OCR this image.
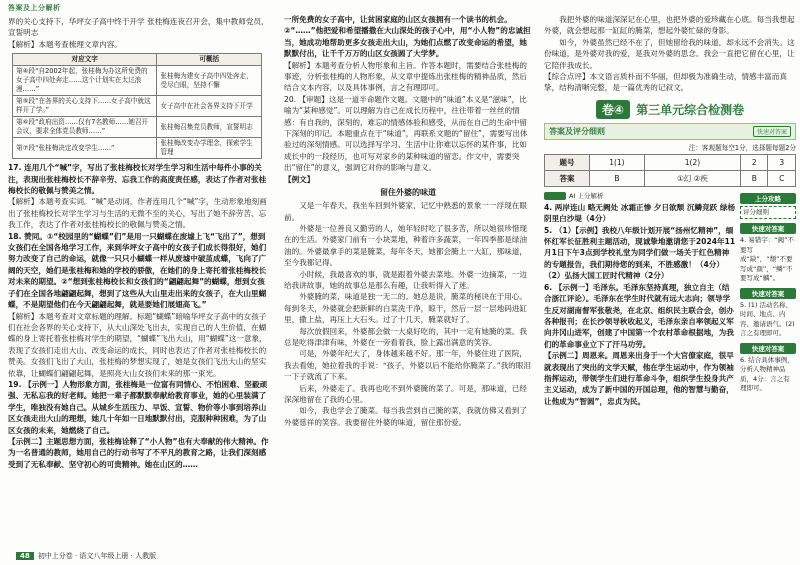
答案及上分解析

界的关心支持下，华坪女子高中终于开学 张桂梅连夜召开会，集中教师党员，宣誓明志

【解析】本题考查梳理文章内容。

对应文字	可概括
第④段“自2002年起，张桂梅为办这所免费的女子高中四处奔走……这个计划实在太过浪漫……”	张桂梅为建女子高中四处奔走，受尽白眼，坚持不懈
第⑤段“在各界的关心支持下……女子高中就这样开了学。”	女子高中在社会各界支持下开学
第⑥段“政府出资……仅有7名教师……她召开会议，要求全体党员教师……”	张桂梅召集党员教师，宣誓明志
第⑦段“张桂梅决定改变学生……”	张桂梅改变办学理念，探索学生管理

17. 连用几个“喊”字，写出了张桂梅校长对学生学习和生活中每件小事的关注，表现出张桂梅校长不辞辛劳、忘我工作的高度责任感，表达了作者对张桂梅校长的敬佩与赞美之情。

【解析】本题考查实词。“喊”是动词，作者连用几个“喊”字，生动形象地刻画出了张桂梅校长对学生学习与生活的无微不至的关心，写出了她不辞劳苦、忘我工作，表达了作者对张桂梅校长的敬佩与赞美之情。

18. 赞同。①“校园里的“蝴蝶”们”是用一只蝴蝶在废墟上飞“飞出了”，想到女孩们在全国各地学习工作，来到华坪女子高中的女孩子们成长得很好，她们努力改变了自己的命运，就像一只只小蝴蝶一样从废墟中破茧成蝶，飞向了广阔的天空，她们是张桂梅和她的学校的骄傲，在她们的身上寄托着张桂梅校长对未来的期望。②“想到张桂梅校长和女孩们的“翩翩起舞”的蝴蝶，想到女孩子们在全国各地翩翩起舞，想到了这些从大山里走出来的女孩子，在大山里蝴蝶，不是期望他们在今天翩翩起舞，就是要她们展翅高飞。”

【解析】本题考查对文章标题的理解。标题“蝴蝶”暗喻华坪女子高中的女孩子们在社会各界的关心支持下，从大山深处飞出去，实现自己的人生价值，在蝴蝶的身上寄托着张桂梅对学生的期望，“蝴蝶”飞出大山，用“蝴蝶”这一意象，表现了女孩们走出大山、改变命运的成长，同时也表达了作者对张桂梅校长的赞美。女孩们飞出了大山，张桂梅的梦想实现了，她是女孩们飞出大山的坚实依靠，让蝴蝶们翩翩起舞，是照亮大山女孩们未来的那一束光。

19. 【示例一】人物形象方面，张桂梅是一位富有同情心、不怕困难、坚毅顽强、无私忘我的好老师。她把一辈子都默默奉献给教育事业，她的心里装满了学生，唯独没有她自己。从城乡生活压力、早饭、宣誓、物价等小事到培养山区女孩走出大山的理想，她几十年如一日地默默付出，克服种种困难，为了山区女孩的未来，她燃烧了自己。

【示例二】主题思想方面，张桂梅诠释了“小人物”也有大奉献的伟大精神。作为一名普通的教师，她用自己的行动书写了不平凡的教育之路，让我们深刻感受到了无私奉献、坚守初心的可贵精神。她在山区的……

48	初中上分卷 · 语文八年级上册 · 人教版

一所免费的女子高中，让贫困家庭的山区女孩拥有一个读书的机会。②“……”他把爱和希望播撒在大山深处的孩子心中，用“小人物”的忠诚担当，她成功地帮助更多女孩走出大山，为她们点燃了改变命运的希望，她默默付出，让千千万万的山区女孩圆了大学梦。

【解析】本题考查分析人物形象和主旨。作答本题时，需要结合张桂梅的事迹，分析张桂梅的人物形象，从文章中提炼出张桂梅的精神品质，然后结合文本内容，以及具体事例，言之有理即可。

20. 【审题】这是一道半命题作文题。文题中的“味道”本义是“滋味”，比喻为“某种感觉”。可以理解为自己在成长历程中，往往带着一丝丝的情感：有自我的，深刻的、难忘的情感体验和感受，从而在自己的生命中留下深刻的印记。本题重点在于“味道”，再联系文题的“留住”，需要写出体验过的深刻情感。可以选择写学习、生活中让你难以忘怀的某件事，比如成长中的一段经历，也可写对家乡的某种味道的留恋。作文中，需要突出“留住”的意义，强调它对你的影响与意义。

【例文】

留住外婆的味道

又是一年春天，我坐车回到外婆家，记忆中熟悉的景象一一浮现在眼前。

外婆是一位善良又勤劳的人，她年轻时吃了很多苦，所以她很珍惜现在的生活。外婆家门前有一小块菜地，种着许多蔬菜，一年四季都是绿油油的。外婆最拿手的菜是腌菜，每年冬天，她都会腌上一大缸，那味道，至今我都记得。

小时候，我最喜欢的事，就是跟着外婆去菜地。外婆一边摘菜，一边给我讲故事，她的故事总是那么有趣，让我听得入了迷。

外婆腌的菜，味道是独一无二的。她总是说，腌菜的秘诀在于用心。每到冬天，外婆就会把新鲜的白菜洗干净，晾干，然后一层一层地码进缸里，撒上盐，再压上大石头。过了十几天，腌菜就好了。

每次放假回来，外婆都会做一大桌好吃的，其中一定有她腌的菜。我总是吃得津津有味，外婆在一旁看着我，脸上露出满意的笑容。

可是，外婆年纪大了，身体越来越不好。那一年，外婆住进了医院，我去看她，她拉着我的手说：“孩子，外婆以后不能给你腌菜了。”我的眼泪一下子就流了下来。

后来，外婆走了。我再也吃不到外婆腌的菜了。可是，那味道，已经深深地留在了我的心里。

如今，我也学会了腌菜。每当我尝到自己腌的菜，我就仿佛又看到了外婆慈祥的笑容。我要留住外婆的味道，留住那份爱。

我把外婆的味道深深记在心里，也把外婆的爱珍藏在心底。每当我想起外婆，就会想起那一缸缸的腌菜，想起外婆忙碌的身影。

如今，外婆虽然已经不在了，但她留给我的味道，却永远不会消失。这份味道，是外婆对我的爱，是我对外婆的思念。我会一直把它留在心里，让它陪伴我成长。

【综合点评】本文语言质朴而不华丽，但却极为准确生动，情感丰富而真挚，结构清晰完整，是一篇优秀的记叙文。

卷④	第三单元综合检测卷
答案及评分细则	快速对答案
注：客观题每空1分，选择题每题2分
题号	1(1)	1(2)	2	3
答案	B	①幻 ②疾	B	C
AI 上分解析

4. 两岸连山 略无阙处 冰霜正惨 夕日欲颓 沉鳞竞跃 绿杨阴里白沙堤（4分）

5. （1）【示例】我校八年级计划开展“扬州忆精神”，缅怀红军长征胜利主题活动，现诚挚地邀请您于2024年11月1日下午3点到学校礼堂为同学们做一场关于红色精神的专题报告，我们期待您的到来，不胜感激！（4分）

（2）弘扬大国工匠时代精神（2分）

6. 【示例一】毛泽东。毛泽东坚持真理，独立自主（结合浙江评论）。毛泽东在学生时代就有远大志向；领导学生反对湖南督军张敬尧，在北京、组织民主联合会，创办各种报刊；在长沙领导秋收起义，毛泽东亲自率领起义军向井冈山进军，创建了中国第一个农村革命根据地，为我们的革命事业立下了汗马功劳。

【示例二】周恩来。周恩来出身于一个大官僚家庭，很早就表现出了突出的文学天赋，他在学生运动中，作为领袖指挥运动，带领学生们进行革命斗争，组织学生投身共产主义运动，成为了新中国的开国总理，他的智慧与勤奋，让他成为“智圆”，忠贞为民。

上分攻略
评分细则
快速对答案
4. 易错字：“阙”不要写成“缺”，“颓”不要写成“颜”，“鳞”不要写成“麟”。
快速对答案
5. (1) 活动名称、时间、地点、内容、邀请语气。(2) 言之有理即可。
快速对答案
6. 结合具体事例，分析人物精神品质，4分：言之有理即可。
